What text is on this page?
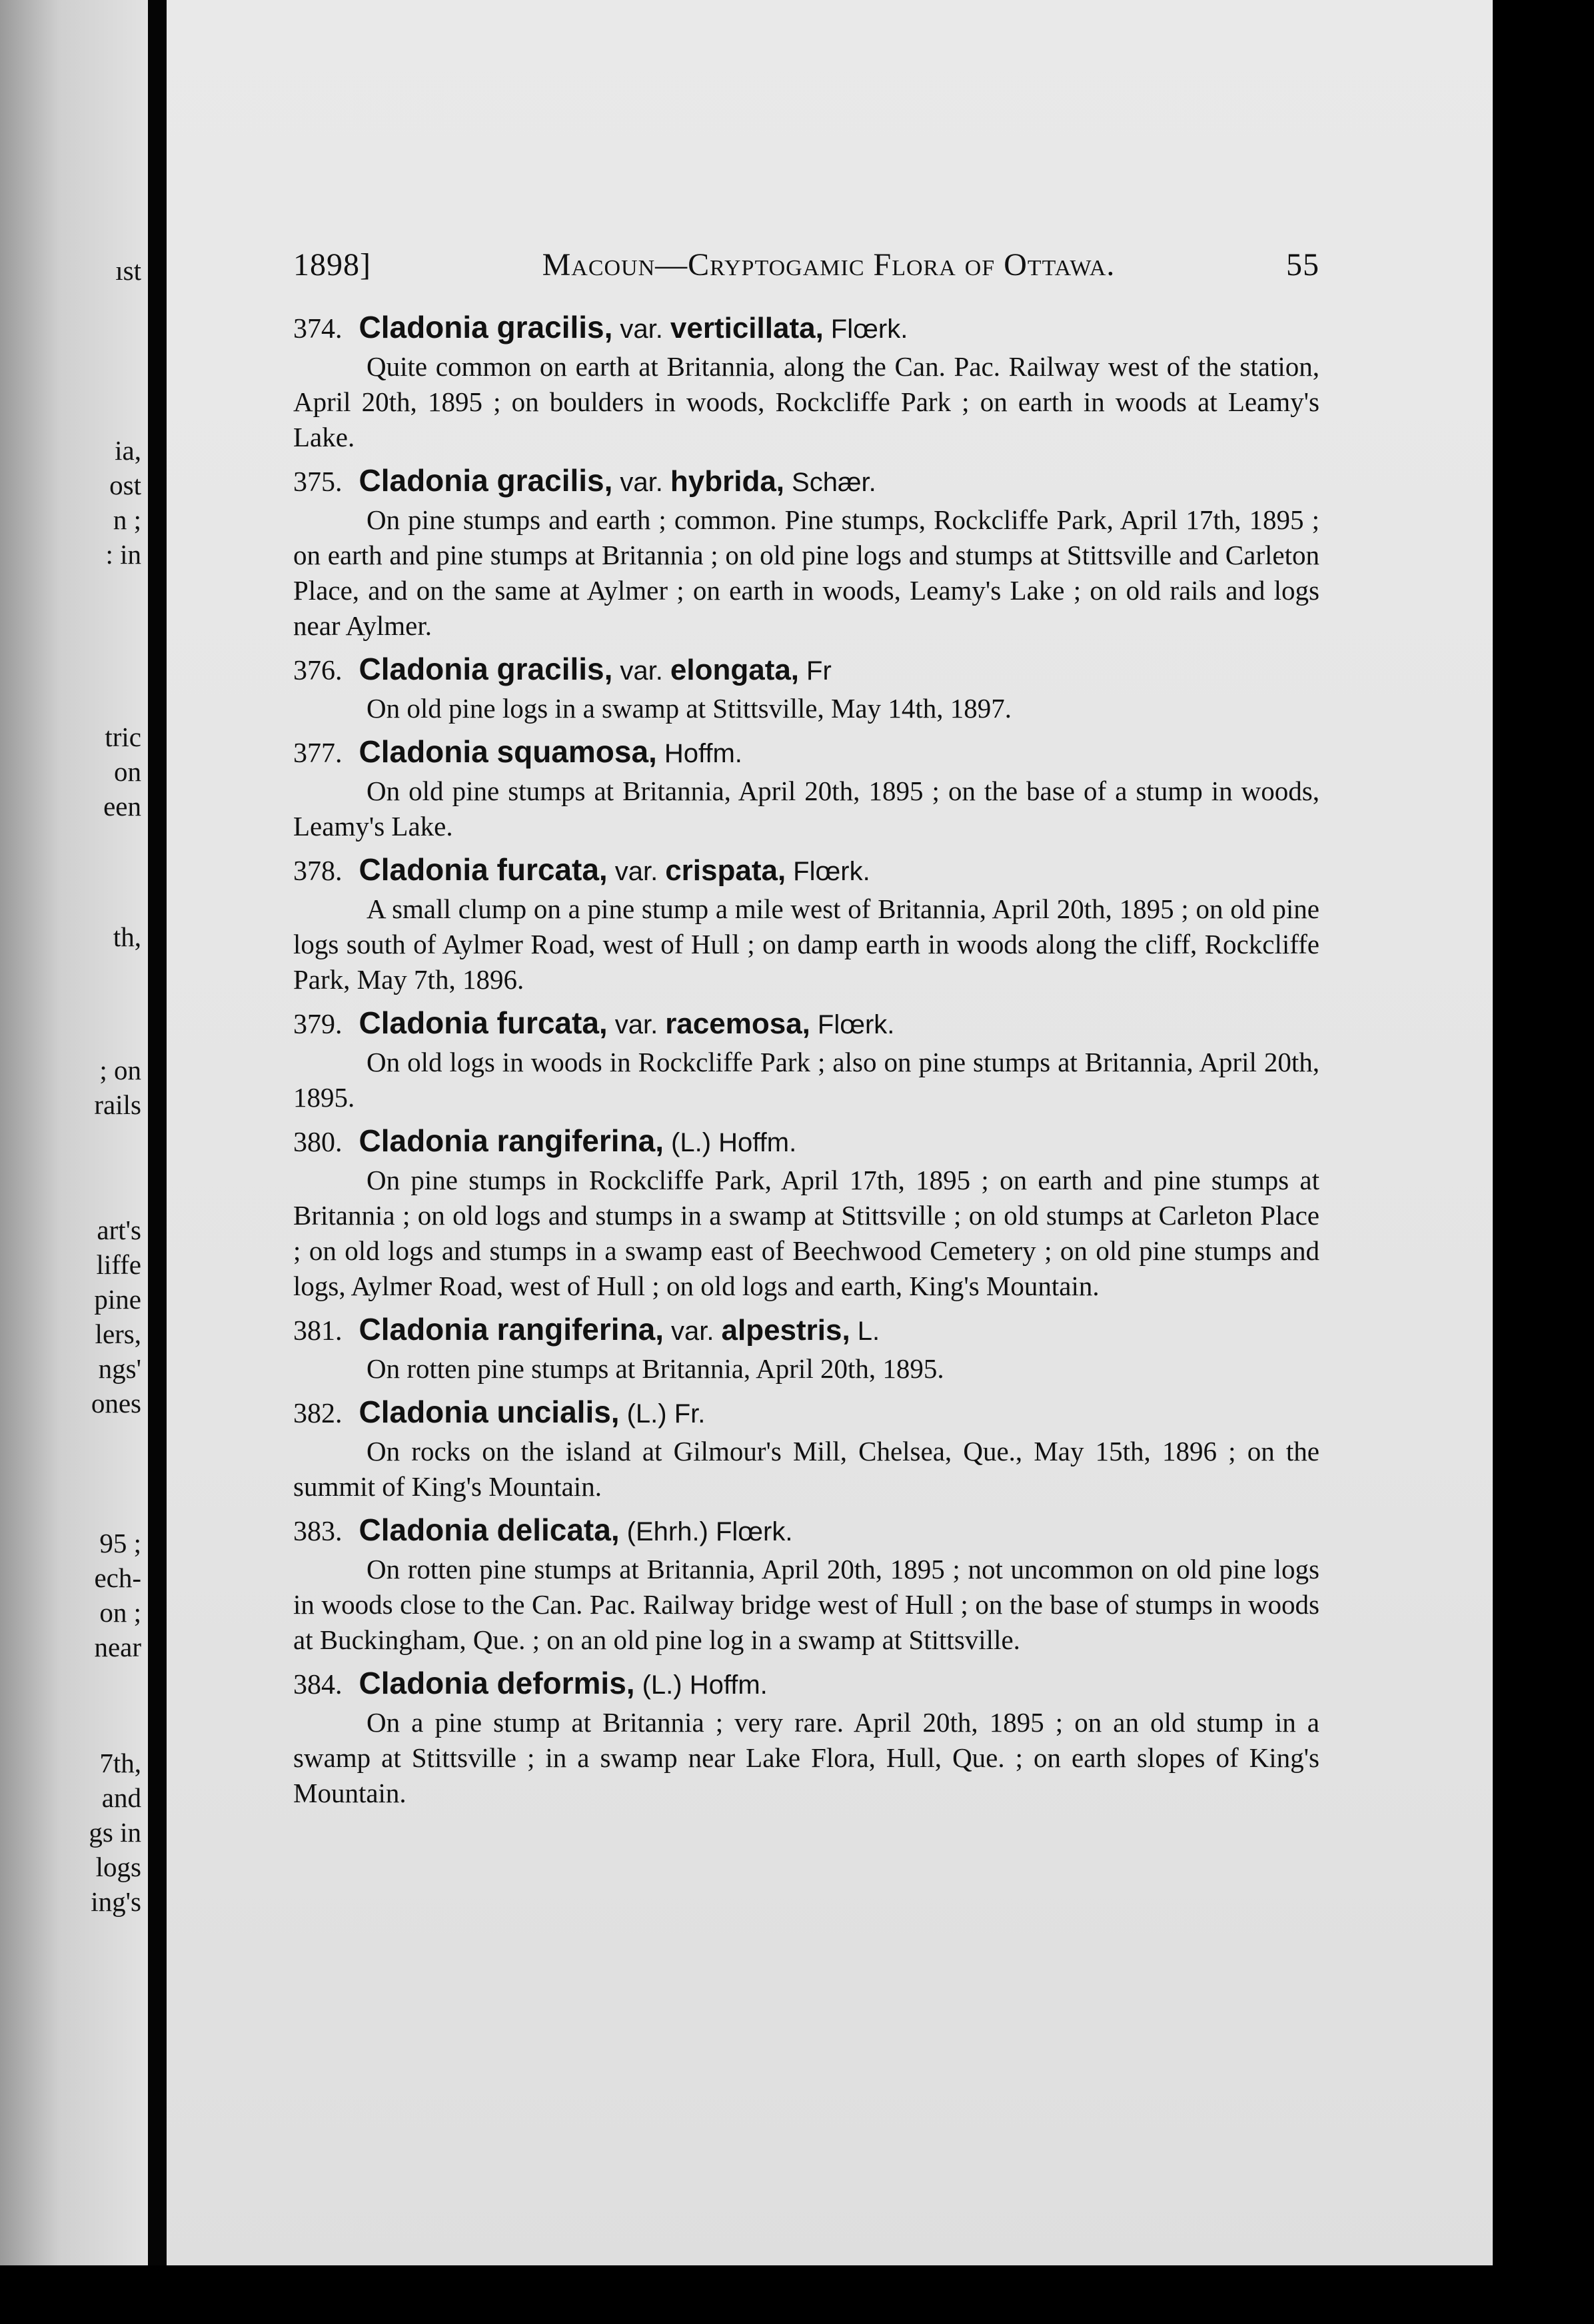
ıst
ia,
ost
n ;
: in
tric
on
een
th,
; on
rails
art's
liffe
pine
lers,
ngs'
ones
95 ;
ech-
on ;
near
7th,
and
gs in
logs
ing's
1898]	Macoun—Cryptogamic Flora of Ottawa.	55
374. Cladonia gracilis, var. verticillata, Flœrk.
Quite common on earth at Britannia, along the Can. Pac. Railway west of the station, April 20th, 1895 ; on boulders in woods, Rockcliffe Park ; on earth in woods at Leamy's Lake.
375. Cladonia gracilis, var. hybrida, Schær.
On pine stumps and earth ; common. Pine stumps, Rockcliffe Park, April 17th, 1895 ; on earth and pine stumps at Britannia ; on old pine logs and stumps at Stittsville and Carleton Place, and on the same at Aylmer ; on earth in woods, Leamy's Lake ; on old rails and logs near Aylmer.
376. Cladonia gracilis, var. elongata, Fr
On old pine logs in a swamp at Stittsville, May 14th, 1897.
377. Cladonia squamosa, Hoffm.
On old pine stumps at Britannia, April 20th, 1895 ; on the base of a stump in woods, Leamy's Lake.
378. Cladonia furcata, var. crispata, Flœrk.
A small clump on a pine stump a mile west of Britannia, April 20th, 1895 ; on old pine logs south of Aylmer Road, west of Hull ; on damp earth in woods along the cliff, Rockcliffe Park, May 7th, 1896.
379. Cladonia furcata, var. racemosa, Flœrk.
On old logs in woods in Rockcliffe Park ; also on pine stumps at Britannia, April 20th, 1895.
380. Cladonia rangiferina, (L.) Hoffm.
On pine stumps in Rockcliffe Park, April 17th, 1895 ; on earth and pine stumps at Britannia ; on old logs and stumps in a swamp at Stittsville ; on old stumps at Carleton Place ; on old logs and stumps in a swamp east of Beechwood Cemetery ; on old pine stumps and logs, Aylmer Road, west of Hull ; on old logs and earth, King's Mountain.
381. Cladonia rangiferina, var. alpestris, L.
On rotten pine stumps at Britannia, April 20th, 1895.
382. Cladonia uncialis, (L.) Fr.
On rocks on the island at Gilmour's Mill, Chelsea, Que., May 15th, 1896 ; on the summit of King's Mountain.
383. Cladonia delicata, (Ehrh.) Flœrk.
On rotten pine stumps at Britannia, April 20th, 1895 ; not uncommon on old pine logs in woods close to the Can. Pac. Railway bridge west of Hull ; on the base of stumps in woods at Buckingham, Que. ; on an old pine log in a swamp at Stittsville.
384. Cladonia deformis, (L.) Hoffm.
On a pine stump at Britannia ; very rare. April 20th, 1895 ; on an old stump in a swamp at Stittsville ; in a swamp near Lake Flora, Hull, Que. ; on earth slopes of King's Mountain.
